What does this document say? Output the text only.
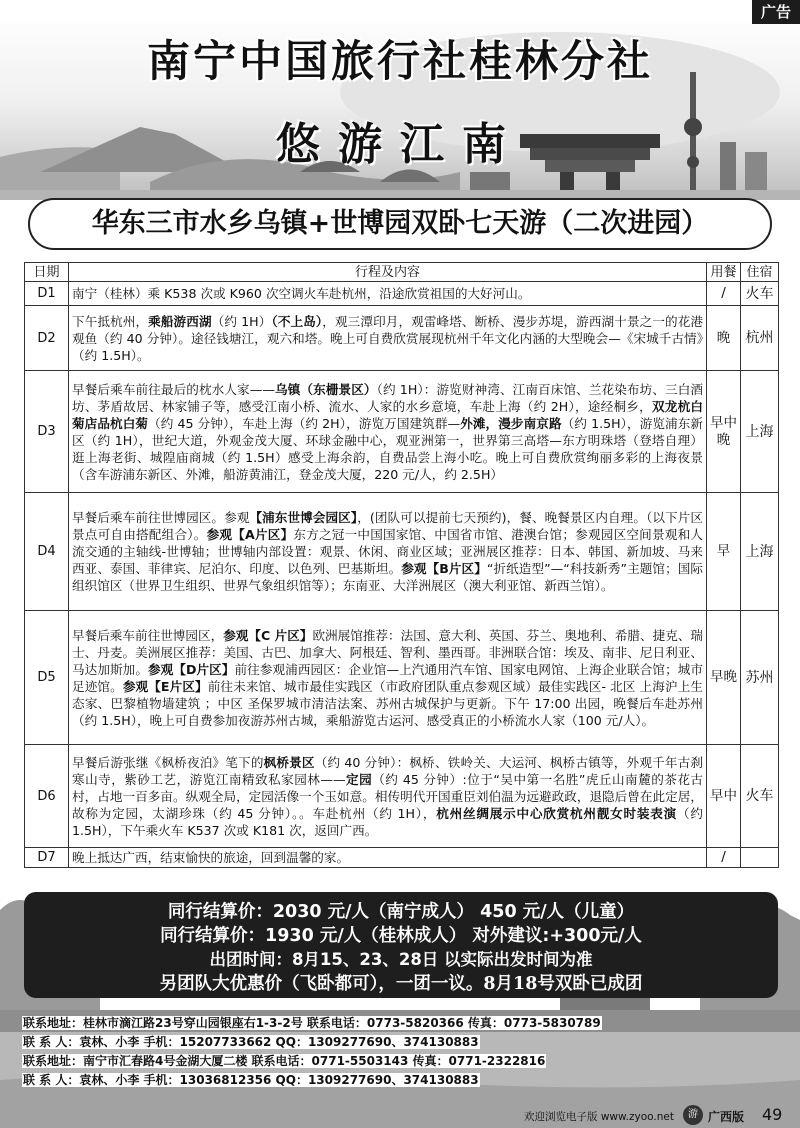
广告
南宁中国旅行社桂林分社
悠游江南
华东三市水乡乌镇+世博园双卧七天游（二次进园）
日期	行程及内容	用餐	住宿
D1	南宁（桂林）乘 K538 次或 K960 次空调火车赴杭州，沿途欣赏祖国的大好河山。	/	火车
D2	下午抵杭州，乘船游西湖（约 1H）（不上岛），观三潭印月，观雷峰塔、断桥、漫步苏堤，游西湖十景之一的花港观鱼（约 40 分钟）。途径钱塘江，观六和塔。晚上可自费欣赏展现杭州千年文化内涵的大型晚会—《宋城千古情》（约 1.5H）。	晚	杭州
D3	早餐后乘车前往最后的枕水人家——乌镇（东栅景区）（约 1H）：游览财神湾、江南百床馆、兰花染布坊、三白酒坊、茅盾故居、林家铺子等，感受江南小桥、流水、人家的水乡意境，车赴上海（约 2H），途经桐乡，双龙杭白菊店品杭白菊（约 45 分钟），车赴上海（约 2H），游览万国建筑群—外滩，漫步南京路（约 1.5H），游览浦东新区（约 1H），世纪大道，外观金茂大厦、环球金融中心，观亚洲第一，世界第三高塔—东方明珠塔（登塔自理）逛上海老街、城隍庙商城（约 1.5H）感受上海余韵，自费品尝上海小吃。晚上可自费欣赏绚丽多彩的上海夜景（含车游浦东新区、外滩，船游黄浦江，登金茂大厦，220 元/人，约 2.5H）	早中晚	上海
D4	早餐后乘车前往世博园区。参观【浦东世博会园区】，(团队可以提前七天预约)，餐、晚餐景区内自理。（以下片区景点可自由搭配组合）。参观【A片区】东方之冠一中国国家馆、中国省市馆、港澳台馆；参观园区空间景观和人流交通的主轴线-世博轴；世博轴内部设置：观景、休闲、商业区域；亚洲展区推荐：日本、韩国、新加坡、马来西亚、泰国、菲律宾、尼泊尔、印度、以色列、巴基斯坦。参观【B片区】“折纸造型”—“科技新秀”主题馆；国际组织馆区（世界卫生组织、世界气象组织馆等）；东南亚、大洋洲展区（澳大利亚馆、新西兰馆）。	早	上海
D5	早餐后乘车前往世博园区，参观【C 片区】欧洲展馆推荐：法国、意大利、英国、芬兰、奥地利、希腊、捷克、瑞士、丹麦。美洲展区推荐：美国、古巴、加拿大、阿根廷、智利、墨西哥。非洲联合馆：埃及、南非、尼日利亚、马达加斯加。参观【D片区】前往参观浦西园区：企业馆—上汽通用汽车馆、国家电网馆、上海企业联合馆；城市足迹馆。参观【E片区】前往未来馆、城市最佳实践区（市政府团队重点参观区域）最佳实践区- 北区 上海沪上生态家、巴黎植物墙建筑 ；中区 圣保罗城市清洁法案、苏州古城保护与更新。下午 17:00 出园，晚餐后车赴苏州（约 1.5H），晚上可自费参加夜游苏州古城，乘船游览古运河、感受真正的小桥流水人家（100 元/人）。	早晚	苏州
D6	早餐后游张继《枫桥夜泊》笔下的枫桥景区（约 40 分钟）：枫桥、铁岭关、大运河、枫桥古镇等，外观千年古刹寒山寺，紫砂工艺，游览江南精致私家园林——定园（约 45 分钟）:位于“吴中第一名胜”虎丘山南麓的茶花古村，占地一百多亩。纵观全局，定园活像一个玉如意。相传明代开国重臣刘伯温为远避政政，退隐后曾在此定居，故称为定园，太湖珍珠（约 45 分钟）。。车赴杭州（约 1H），杭州丝绸展示中心欣赏杭州靓女时装表演（约 1.5H），下午乘火车 K537 次或 K181 次，返回广西。	早中	火车
D7	晚上抵达广西，结束愉快的旅途，回到温馨的家。	/	
同行结算价：2030 元/人（南宁成人） 450 元/人（儿童）
同行结算价：1930 元/人（桂林成人） 对外建议:+300元/人
出团时间：8月15、23、28日 以实际出发时间为准
另团队大优惠价（飞卧都可），一团一议。8月18号双卧已成团
联系地址：桂林市滴江路23号穿山园银座右1-3-2号 联系电话：0773-5820366 传真：0773-5830789
联 系 人：袁林、小李 手机：15207733662 QQ：1309277690、374130883
联系地址：南宁市汇春路4号金湖大厦二楼 联系电话：0771-5503143 传真：0771-2322816
联 系 人：袁林、小李 手机：13036812356 QQ：1309277690、374130883
欢迎浏览电子版 www.zyoo.net	游 广西版 49
